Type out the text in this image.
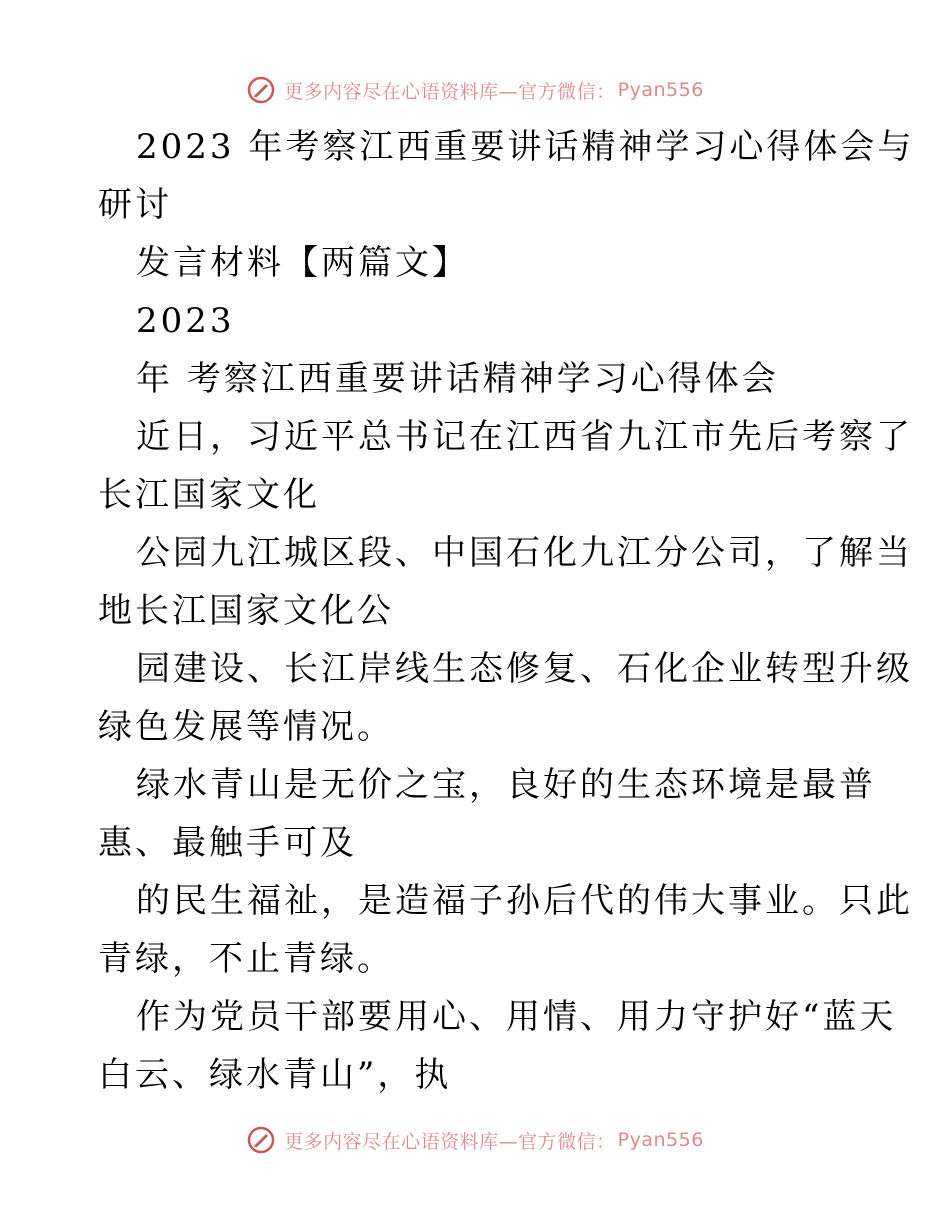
更多内容尽在心语资料库—官方微信： Pyan556
2023 年考察江西重要讲话精神学习心得体会与
研讨
发言材料【两篇文】
2023
年 考察江西重要讲话精神学习心得体会
近日，习近平总书记在江西省九江市先后考察了
长江国家文化
公园九江城区段、中国石化九江分公司，了解当
地长江国家文化公
园建设、长江岸线生态修复、石化企业转型升级
绿色发展等情况。
绿水青山是无价之宝，良好的生态环境是最普
惠、最触手可及
的民生福祉，是造福子孙后代的伟大事业。只此
青绿，不止青绿。
作为党员干部要用心、用情、用力守护好“蓝天
白云、绿水青山”，执
更多内容尽在心语资料库—官方微信： Pyan556
